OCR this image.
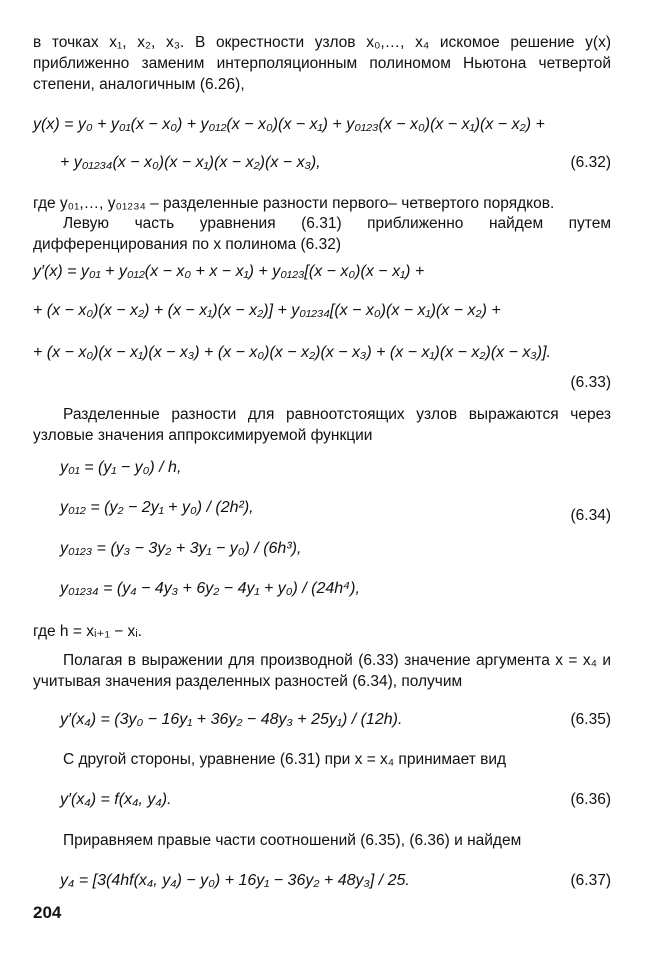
в точках x₁, x₂, x₃. В окрестности узлов x₀,…, x₄ искомое решение y(x) приближенно заменим интерполяционным полиномом Ньютона четвертой степени, аналогичным (6.26),
y(x) = y₀ + y₀₁(x − x₀) + y₀₁₂(x − x₀)(x − x₁) + y₀₁₂₃(x − x₀)(x − x₁)(x − x₂) +
+ y₀₁₂₃₄(x − x₀)(x − x₁)(x − x₂)(x − x₃),	(6.32)
где y₀₁,…, y₀₁₂₃₄ – разделенные разности первого– четвертого порядков.
Левую часть уравнения (6.31) приближенно найдем путем дифференцирования по x полинома (6.32)
y′(x) = y₀₁ + y₀₁₂(x − x₀ + x − x₁) + y₀₁₂₃[(x − x₀)(x − x₁) +
+ (x − x₀)(x − x₂) + (x − x₁)(x − x₂)] + y₀₁₂₃₄[(x − x₀)(x − x₁)(x − x₂) +
+ (x − x₀)(x − x₁)(x − x₃) + (x − x₀)(x − x₂)(x − x₃) + (x − x₁)(x − x₂)(x − x₃)].
(6.33)
Разделенные разности для равноотстоящих узлов выражаются через узловые значения аппроксимируемой функции
y₀₁ = (y₁ − y₀) / h,
y₀₁₂ = (y₂ − 2y₁ + y₀) / (2h²),	(6.34)
y₀₁₂₃ = (y₃ − 3y₂ + 3y₁ − y₀) / (6h³),
y₀₁₂₃₄ = (y₄ − 4y₃ + 6y₂ − 4y₁ + y₀) / (24h⁴),
где h = xᵢ₊₁ − xᵢ.
Полагая в выражении для производной (6.33) значение аргумента x = x₄ и учитывая значения разделенных разностей (6.34), получим
y′(x₄) = (3y₀ − 16y₁ + 36y₂ − 48y₃ + 25y₁) / (12h).	(6.35)
С другой стороны, уравнение (6.31) при x = x₄ принимает вид
y′(x₄) = f(x₄, y₄).	(6.36)
Приравняем правые части соотношений (6.35), (6.36) и найдем
y₄ = [3(4hf(x₄, y₄) − y₀) + 16y₁ − 36y₂ + 48y₃] / 25.	(6.37)
204
